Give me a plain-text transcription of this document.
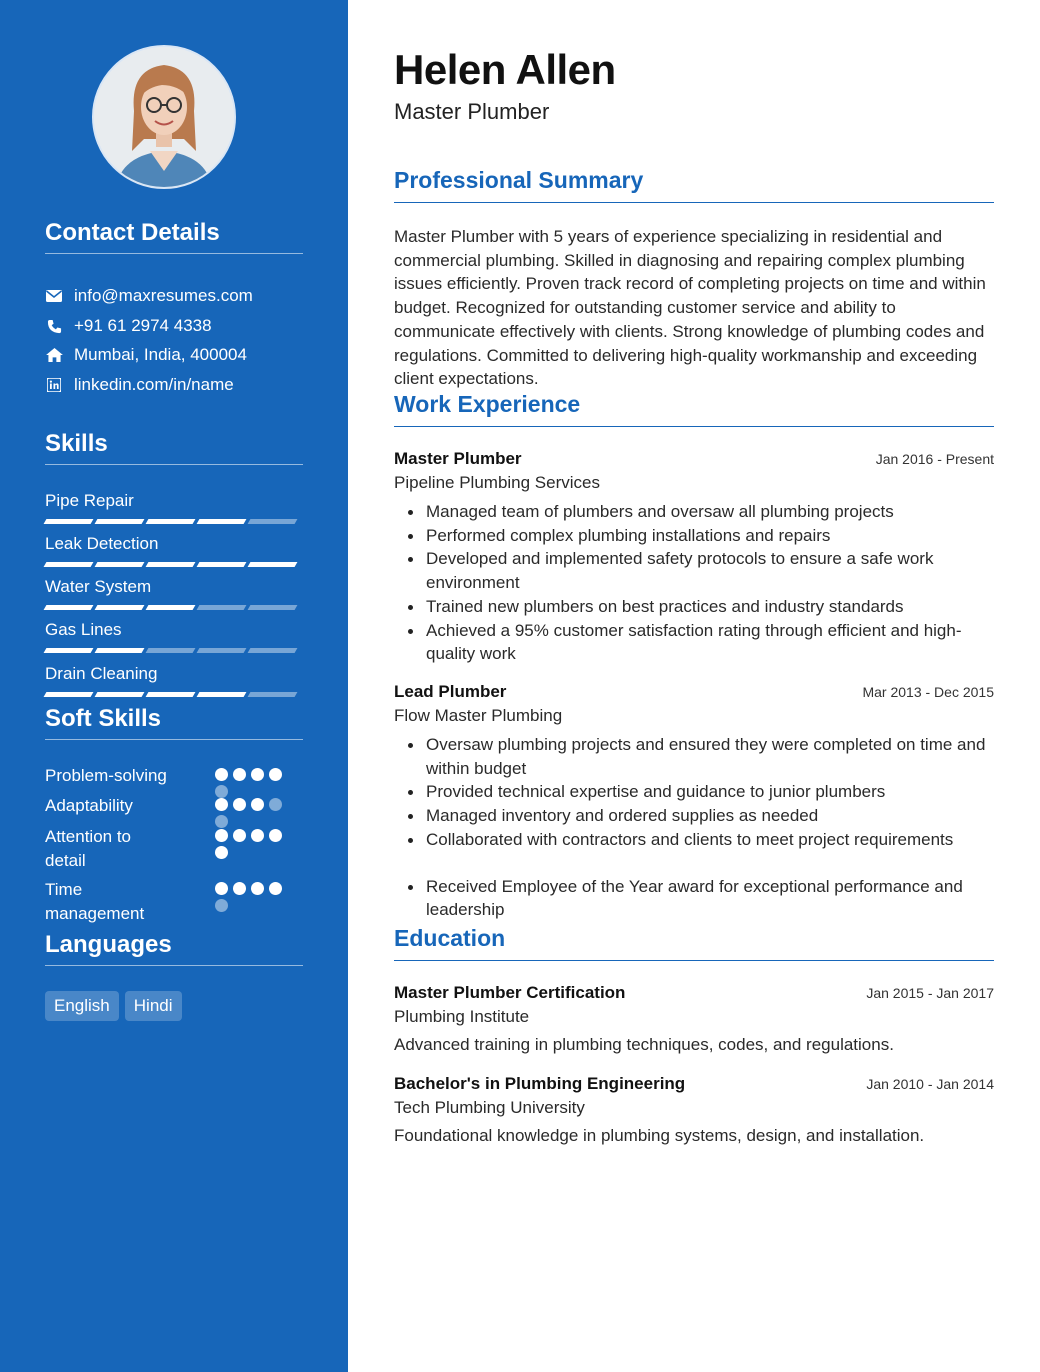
Contact Details
info@maxresumes.com
+91 61 2974 4338
Mumbai, India, 400004
linkedin.com/in/name
Skills
Pipe Repair
Leak Detection
Water System
Gas Lines
Drain Cleaning
Soft Skills
Problem-solving
Adaptability
Attention to detail
Time management
Languages
English	Hindi
Helen Allen
Master Plumber
Professional Summary

Master Plumber with 5 years of experience specializing in residential and commercial plumbing. Skilled in diagnosing and repairing complex plumbing issues efficiently. Proven track record of completing projects on time and within budget. Recognized for outstanding customer service and ability to communicate effectively with clients. Strong knowledge of plumbing codes and regulations. Committed to delivering high-quality workmanship and exceeding client expectations.

Work Experience
Master Plumber	Jan 2016 - Present
Pipeline Plumbing Services
Managed team of plumbers and oversaw all plumbing projects
Performed complex plumbing installations and repairs
Developed and implemented safety protocols to ensure a safe work environment
Trained new plumbers on best practices and industry standards
Achieved a 95% customer satisfaction rating through efficient and high-quality work
Lead Plumber	Mar 2013 - Dec 2015
Flow Master Plumbing
Oversaw plumbing projects and ensured they were completed on time and within budget
Provided technical expertise and guidance to junior plumbers
Managed inventory and ordered supplies as needed
Collaborated with contractors and clients to meet project requirements
Received Employee of the Year award for exceptional performance and leadership
Education
Master Plumber Certification	Jan 2015 - Jan 2017
Plumbing Institute
Advanced training in plumbing techniques, codes, and regulations.
Bachelor's in Plumbing Engineering	Jan 2010 - Jan 2014
Tech Plumbing University
Foundational knowledge in plumbing systems, design, and installation.
